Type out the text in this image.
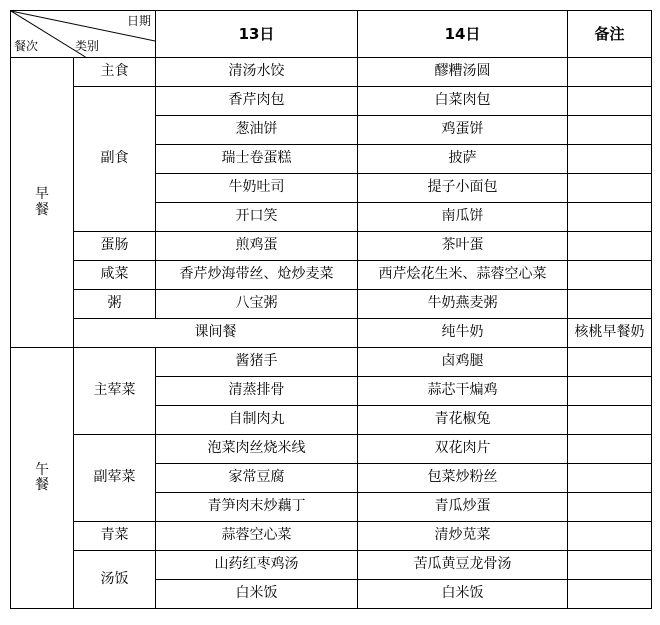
日期
类别
餐次		13日	14日	备注	

早
餐	主食	清汤水饺	醪糟汤圆		
	副食	香芹肉包	白菜肉包		
		葱油饼	鸡蛋饼		
		瑞士卷蛋糕	披萨		
		牛奶吐司	提子小面包		
		开口笑	南瓜饼		
	蛋肠	煎鸡蛋	茶叶蛋		
	咸菜	香芹炒海带丝、炝炒麦菜	西芹烩花生米、蒜蓉空心菜		
	粥	八宝粥	牛奶燕麦粥		
	课间餐		纯牛奶	核桃早餐奶	

午
餐	主荤菜	酱猪手	卤鸡腿		
		清蒸排骨	蒜芯干煸鸡		
		自制肉丸	青花椒兔		
	副荤菜	泡菜肉丝烧米线	双花肉片		
		家常豆腐	包菜炒粉丝		
		青笋肉末炒藕丁	青瓜炒蛋		
	青菜	蒜蓉空心菜	清炒苋菜		
	汤饭	山药红枣鸡汤	苦瓜黄豆龙骨汤		
		白米饭	白米饭		
